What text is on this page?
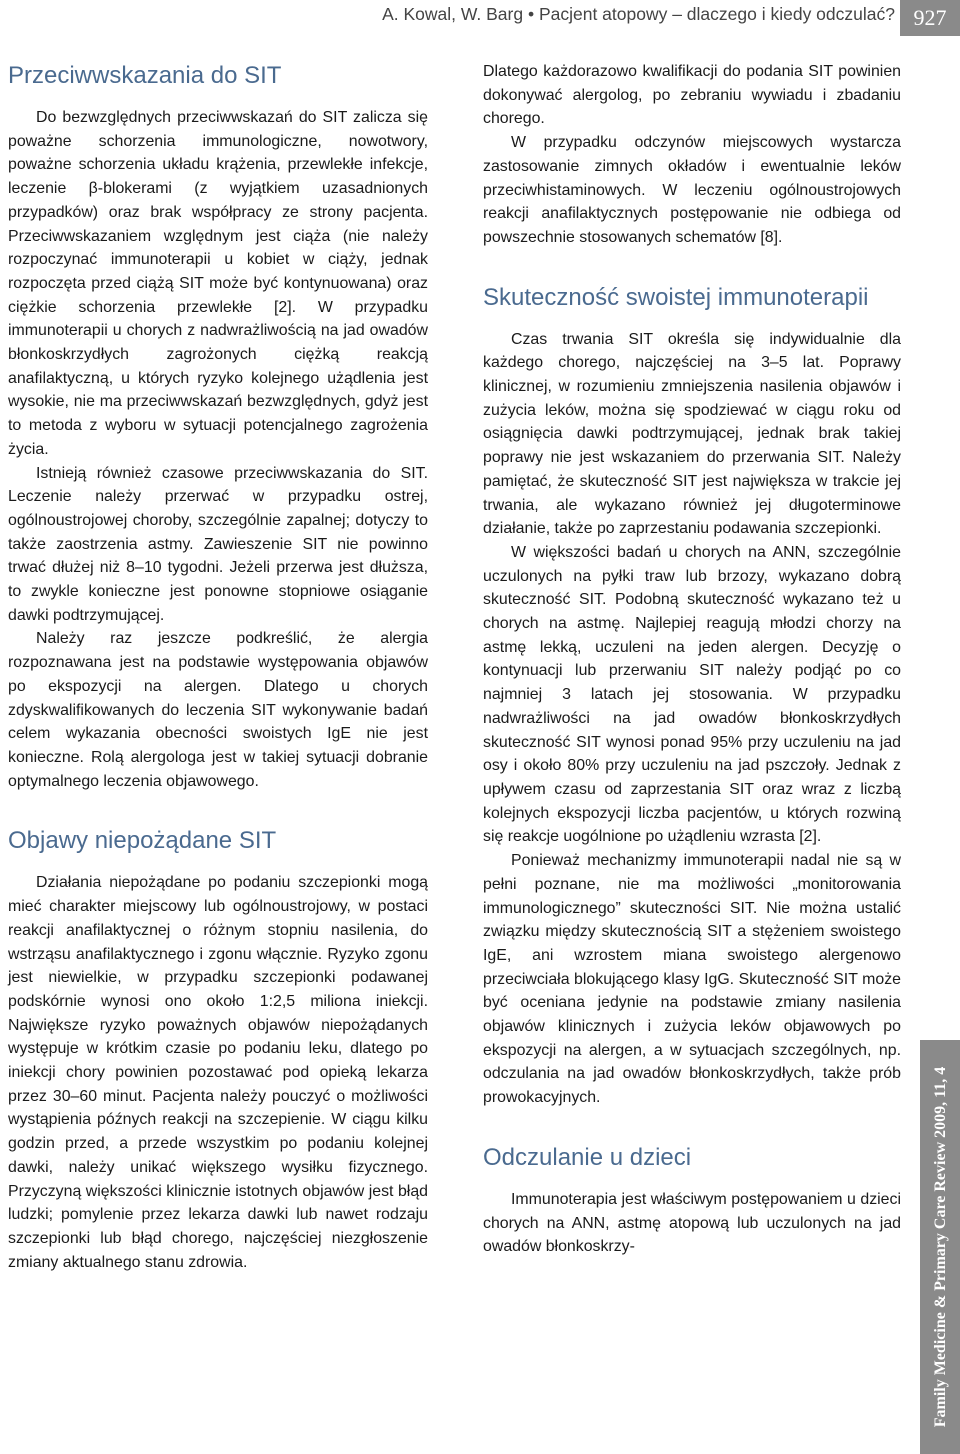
A. Kowal, W. Barg • Pacjent atopowy – dlaczego i kiedy odczulać? 927
Przeciwwskazania do SIT

Do bezwzględnych przeciwwskazań do SIT zalicza się poważne schorzenia immunologiczne, nowotwory, poważne schorzenia układu krążenia, przewlekłe infekcje, leczenie β-blokerami (z wyjątkiem uzasadnionych przypadków) oraz brak współpracy ze strony pacjenta. Przeciwwskazaniem względnym jest ciąża (nie należy rozpoczynać immunoterapii u kobiet w ciąży, jednak rozpoczęta przed ciążą SIT może być kontynuowana) oraz ciężkie schorzenia przewlekłe [2]. W przypadku immunoterapii u chorych z nadwrażliwością na jad owadów błonkoskrzydłych zagrożonych ciężką reakcją anafilaktyczną, u których ryzyko kolejnego użądlenia jest wysokie, nie ma przeciwwskazań bezwzględnych, gdyż jest to metoda z wyboru w sytuacji potencjalnego zagrożenia życia.

Istnieją również czasowe przeciwwskazania do SIT. Leczenie należy przerwać w przypadku ostrej, ogólnoustrojowej choroby, szczególnie zapalnej; dotyczy to także zaostrzenia astmy. Zawieszenie SIT nie powinno trwać dłużej niż 8–10 tygodni. Jeżeli przerwa jest dłuższa, to zwykle konieczne jest ponowne stopniowe osiąganie dawki podtrzymującej.

Należy raz jeszcze podkreślić, że alergia rozpoznawana jest na podstawie występowania objawów po ekspozycji na alergen. Dlatego u chorych zdyskwalifikowanych do leczenia SIT wykonywanie badań celem wykazania obecności swoistych IgE nie jest konieczne. Rolą alergologa jest w takiej sytuacji dobranie optymalnego leczenia objawowego.

Objawy niepożądane SIT

Działania niepożądane po podaniu szczepionki mogą mieć charakter miejscowy lub ogólnoustrojowy, w postaci reakcji anafilaktycznej o różnym stopniu nasilenia, do wstrząsu anafilaktycznego i zgonu włącznie. Ryzyko zgonu jest niewielkie, w przypadku szczepionki podawanej podskórnie wynosi ono około 1:2,5 miliona iniekcji. Największe ryzyko poważnych objawów niepożądanych występuje w krótkim czasie po podaniu leku, dlatego po iniekcji chory powinien pozostawać pod opieką lekarza przez 30–60 minut. Pacjenta należy pouczyć o możliwości wystąpienia późnych reakcji na szczepienie. W ciągu kilku godzin przed, a przede wszystkim po podaniu kolejnej dawki, należy unikać większego wysiłku fizycznego. Przyczyną większości klinicznie istotnych objawów jest błąd ludzki; pomylenie przez lekarza dawki lub nawet rodzaju szczepionki lub błąd chorego, najczęściej niezgłoszenie zmiany aktualnego stanu zdrowia.

Dlatego każdorazowo kwalifikacji do podania SIT powinien dokonywać alergolog, po zebraniu wywiadu i zbadaniu chorego.

W przypadku odczynów miejscowych wystarcza zastosowanie zimnych okładów i ewentualnie leków przeciwhistaminowych. W leczeniu ogólnoustrojowych reakcji anafilaktycznych postępowanie nie odbiega od powszechnie stosowanych schematów [8].

Skuteczność swoistej immunoterapii

Czas trwania SIT określa się indywidualnie dla każdego chorego, najczęściej na 3–5 lat. Poprawy klinicznej, w rozumieniu zmniejszenia nasilenia objawów i zużycia leków, można się spodziewać w ciągu roku od osiągnięcia dawki podtrzymującej, jednak brak takiej poprawy nie jest wskazaniem do przerwania SIT. Należy pamiętać, że skuteczność SIT jest największa w trakcie jej trwania, ale wykazano również jej długoterminowe działanie, także po zaprzestaniu podawania szczepionki.

W większości badań u chorych na ANN, szczególnie uczulonych na pyłki traw lub brzozy, wykazano dobrą skuteczność SIT. Podobną skuteczność wykazano też u chorych na astmę. Najlepiej reagują młodzi chorzy na astmę lekką, uczuleni na jeden alergen. Decyzję o kontynuacji lub przerwaniu SIT należy podjąć po co najmniej 3 latach jej stosowania. W przypadku nadwrażliwości na jad owadów błonkoskrzydłych skuteczność SIT wynosi ponad 95% przy uczuleniu na jad osy i około 80% przy uczuleniu na jad pszczoły. Jednak z upływem czasu od zaprzestania SIT oraz wraz z liczbą kolejnych ekspozycji liczba pacjentów, u których rozwiną się reakcje uogólnione po użądleniu wzrasta [2].

Ponieważ mechanizmy immunoterapii nadal nie są w pełni poznane, nie ma możliwości „monitorowania immunologicznego” skuteczności SIT. Nie można ustalić związku między skutecznością SIT a stężeniem swoistego IgE, ani wzrostem miana swoistego alergenowo przeciwciała blokującego klasy IgG. Skuteczność SIT może być oceniana jedynie na podstawie zmiany nasilenia objawów klinicznych i zużycia leków objawowych po ekspozycji na alergen, a w sytuacjach szczególnych, np. odczulania na jad owadów błonkoskrzydłych, także prób prowokacyjnych.

Odczulanie u dzieci

Immunoterapia jest właściwym postępowaniem u dzieci chorych na ANN, astmę atopową lub uczulonych na jad owadów błonkoskrzy-	Family Medicine & Primary Care Review 2009, 11, 4
